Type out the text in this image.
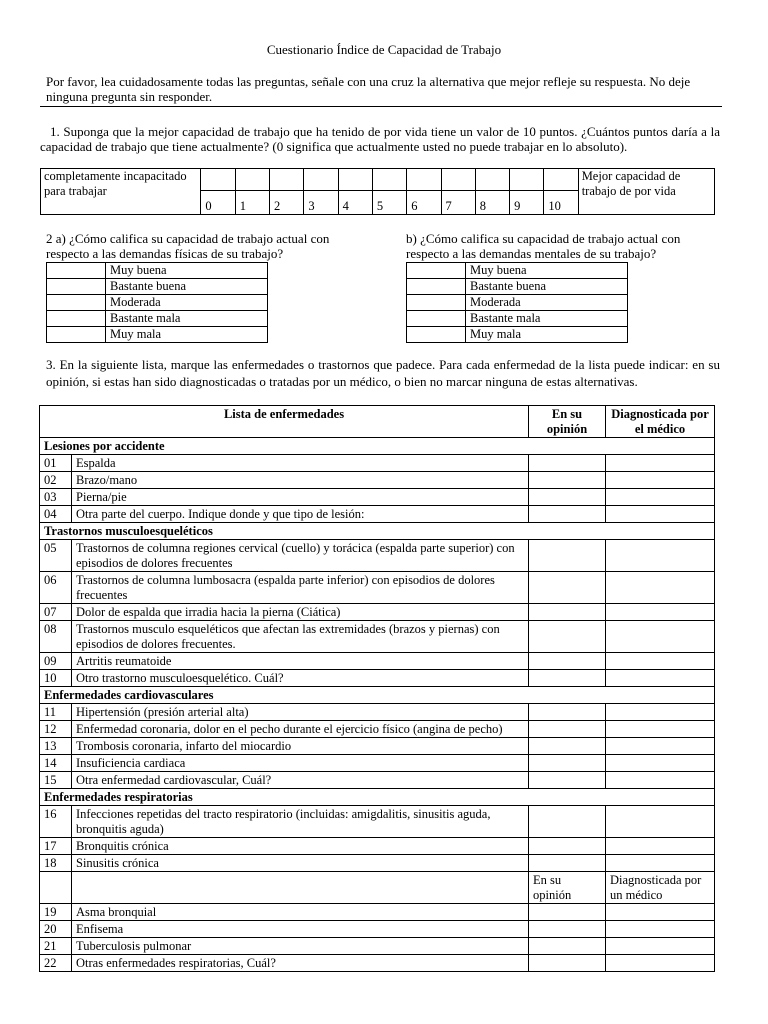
Cuestionario Índice de Capacidad de Trabajo
Por favor, lea cuidadosamente todas las preguntas, señale con una cruz la alternativa que mejor refleje su respuesta. No deje ninguna pregunta sin responder.
1. Suponga que la mejor capacidad de trabajo que ha tenido de por vida tiene un valor de 10 puntos. ¿Cuántos puntos daría a la capacidad de trabajo que tiene actualmente? (0 significa que actualmente usted no puede trabajar en lo absoluto).
completamente incapacitado para trabajar												Mejor capacidad de trabajo de por vida
	0	1	2	3	4	5	6	7	8	9	10	
2 a) ¿Cómo califica su capacidad de trabajo actual con respecto a las demandas físicas de su trabajo?
b) ¿Cómo califica su capacidad de trabajo actual con respecto a las demandas mentales de su trabajo?
	Muy buena
	Bastante buena
	Moderada
	Bastante mala
	Muy mala
	Muy buena
	Bastante buena
	Moderada
	Bastante mala
	Muy mala
3. En la siguiente lista, marque las enfermedades o trastornos que padece. Para cada enfermedad de la lista puede indicar: en su opinión, si estas han sido diagnosticadas o tratadas por un médico, o bien no marcar ninguna de estas alternativas.
Lista de enfermedades		En su opinión	Diagnosticada por el médico
Lesiones por accidente			
01	Espalda		
02	Brazo/mano		
03	Pierna/pie		
04	Otra parte del cuerpo. Indique donde y que tipo de lesión:		
Trastornos musculoesqueléticos			
05	Trastornos de columna regiones cervical (cuello) y torácica (espalda parte superior) con episodios de dolores frecuentes		
06	Trastornos de columna lumbosacra (espalda parte inferior) con episodios de dolores frecuentes		
07	Dolor de espalda que irradia hacia la pierna (Ciática)		
08	Trastornos musculo esqueléticos que afectan las extremidades (brazos y piernas) con episodios de dolores frecuentes.		
09	Artritis reumatoide		
10	Otro trastorno musculoesquelético. Cuál?		
Enfermedades cardiovasculares			
11	Hipertensión (presión arterial alta)		
12	Enfermedad coronaria, dolor en el pecho durante el ejercicio físico (angina de pecho)		
13	Trombosis coronaria, infarto del miocardio		
14	Insuficiencia cardiaca		
15	Otra enfermedad cardiovascular, Cuál?		
Enfermedades respiratorias			
16	Infecciones repetidas del tracto respiratorio (incluidas: amigdalitis, sinusitis aguda, bronquitis aguda)		
17	Bronquitis crónica		
18	Sinusitis crónica		
		En su opinión	Diagnosticada por un médico
19	Asma bronquial		
20	Enfisema		
21	Tuberculosis pulmonar		
22	Otras enfermedades respiratorias, Cuál?		
